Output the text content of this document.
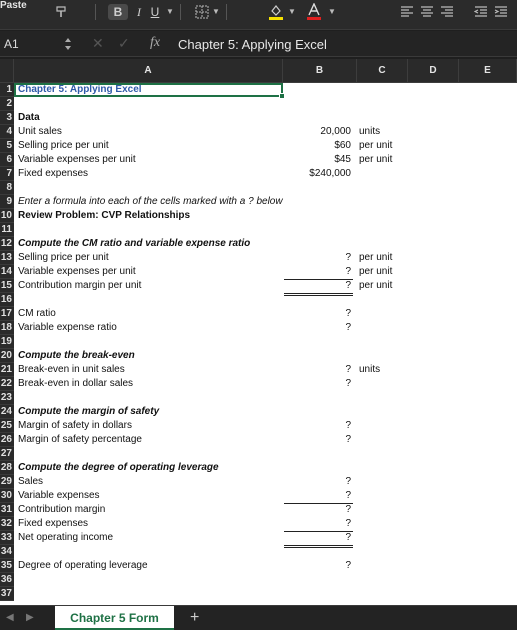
Paste	B	I U ▼	▼	▼	▼
A1	✕ ✓ fx Chapter 5: Applying Excel
A	B	C	D	E
1 Chapter 5: Applying Excel
2
3 Data
4 Unit sales	20,000 units
5 Selling price per unit	$60 per unit
6 Variable expenses per unit	$45 per unit
7 Fixed expenses	$240,000
8
9 Enter a formula into each of the cells marked with a ? below
10 Review Problem: CVP Relationships
11
12 Compute the CM ratio and variable expense ratio
13 Selling price per unit	? per unit
14 Variable expenses per unit	? per unit
15 Contribution margin per unit	? per unit
16
17 CM ratio	?
18 Variable expense ratio	?
19
20 Compute the break-even
21 Break-even in unit sales	? units
22 Break-even in dollar sales	?
23
24 Compute the margin of safety
25 Margin of safety in dollars	?
26 Margin of safety percentage	?
27
28 Compute the degree of operating leverage
29 Sales	?
30 Variable expenses	?
31 Contribution margin	?
32 Fixed expenses	?
33 Net operating income	?
34
35 Degree of operating leverage	?
36
37
◀ ▶	Chapter 5 Form	+
